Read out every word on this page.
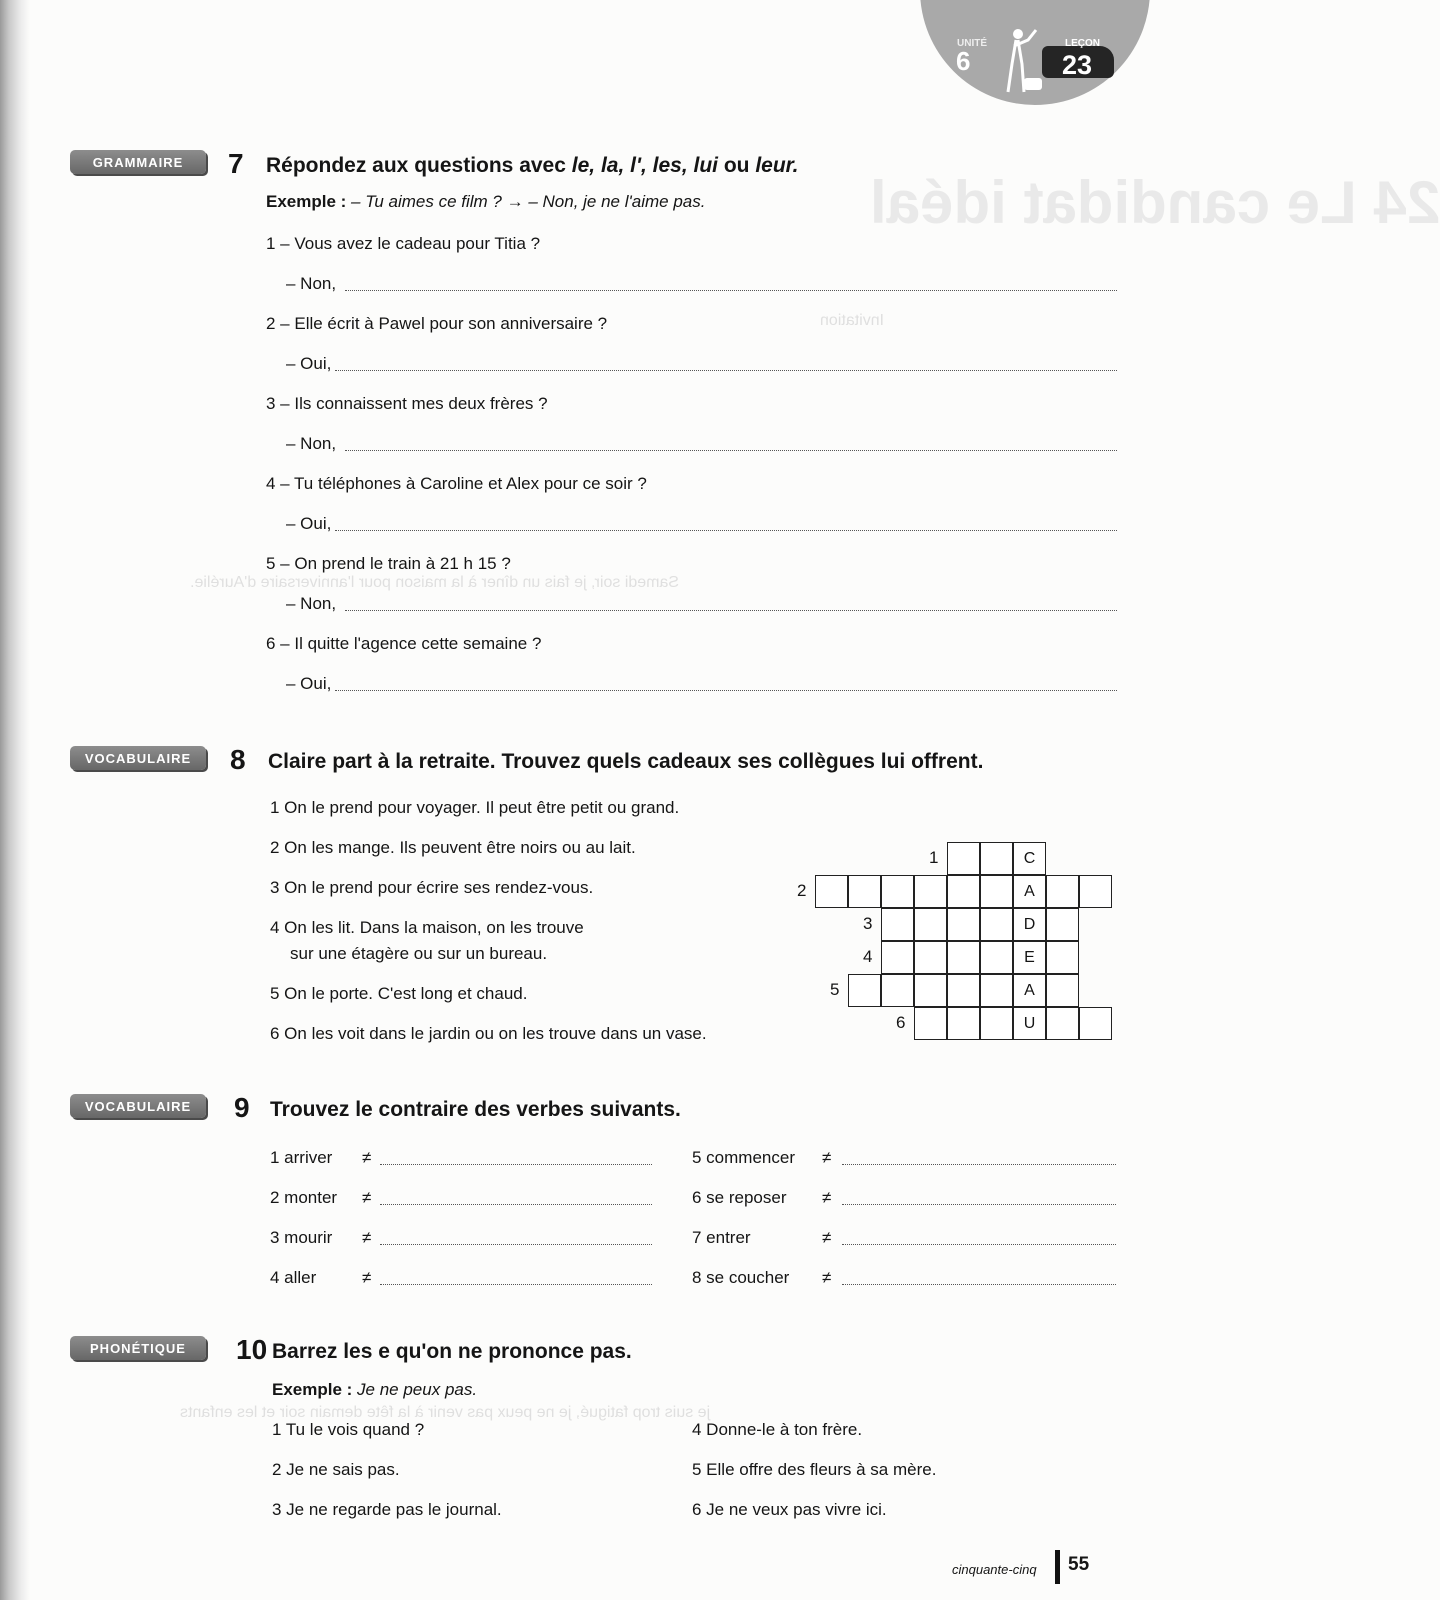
24 Le candidat idéal
Invitation
Samedi soir, je fais un dîner à la maison pour l'anniversaire d'Aurélie.
je suis trop fatigué, je ne peux pas venir à la fête demain soir et les enfants
UNITÉ
6
LEÇON
23
GRAMMAIRE	7 Répondez aux questions avec le, la, l', les, lui ou leur.
Exemple : – Tu aimes ce film ? → – Non, je ne l'aime pas.
1 – Vous avez le cadeau pour Titia ?
– Non,
2 – Elle écrit à Pawel pour son anniversaire ?
– Oui,
3 – Ils connaissent mes deux frères ?
– Non,
4 – Tu téléphones à Caroline et Alex pour ce soir ?
– Oui,
5 – On prend le train à 21 h 15 ?
– Non,
6 – Il quitte l'agence cette semaine ?
– Oui,
VOCABULAIRE	8 Claire part à la retraite. Trouvez quels cadeaux ses collègues lui offrent.
1 On le prend pour voyager. Il peut être petit ou grand.
2 On les mange. Ils peuvent être noirs ou au lait.
3 On le prend pour écrire ses rendez-vous.
4 On les lit. Dans la maison, on les trouve
sur une étagère ou sur un bureau.
5 On le porte. C'est long et chaud.
6 On les voit dans le jardin ou on les trouve dans un vase.
1
2
3
4
5
6
C
A
D
E
A
U
VOCABULAIRE	9 Trouvez le contraire des verbes suivants.
1 arriver ≠
2 monter ≠
3 mourir ≠
4 aller	≠
5 commencer ≠
6 se reposer ≠
7 entrer	≠
8 se coucher ≠
PHONÉTIQUE	10 Barrez les e qu'on ne prononce pas.
Exemple : Je ne peux pas.
1 Tu le vois quand ?
2 Je ne sais pas.
3 Je ne regarde pas le journal.
4 Donne-le à ton frère.
5 Elle offre des fleurs à sa mère.
6 Je ne veux pas vivre ici.
cinquante-cinq 55
